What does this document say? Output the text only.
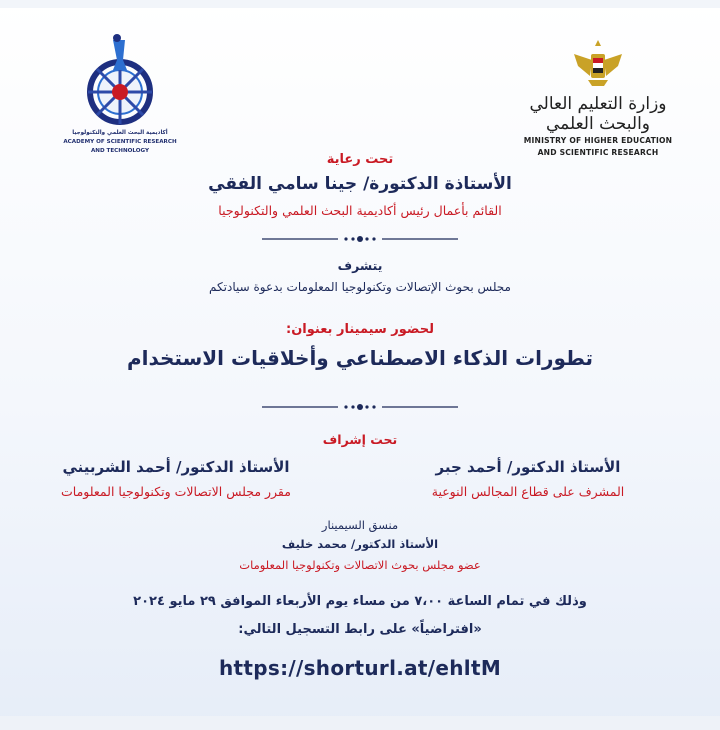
أكاديمية البحث العلمي والتكنولوجيا
ACADEMY OF SCIENTIFIC RESEARCH
AND TECHNOLOGY
وزارة التعليم العالي والبحث العلمي
MINISTRY OF HIGHER EDUCATION
AND SCIENTIFIC RESEARCH
تحت رعاية
الأستاذة الدكتورة/ جينا سامي الفقي
القائم بأعمال رئيس أكاديمية البحث العلمي والتكنولوجيا
يتشرف
مجلس بحوث الإتصالات وتكنولوجيا المعلومات بدعوة سيادتكم
لحضور سيمينار بعنوان:
تطورات الذكاء الاصطناعي وأخلاقيات الاستخدام
تحت إشراف
الأستاذ الدكتور/ أحمد جبر
المشرف على قطاع المجالس النوعية
الأستاذ الدكتور/ أحمد الشربيني
مقرر مجلس الاتصالات وتكنولوجيا المعلومات
منسق السيمينار
الأستاذ الدكتور/ محمد خليف
عضو مجلس بحوث الاتصالات وتكنولوجيا المعلومات
وذلك في تمام الساعة ٧،٠٠ من مساء يوم الأربعاء الموافق ٢٩ مايو ٢٠٢٤
«افتراضياً» على رابط التسجيل التالي:
https://shorturl.at/ehltM
